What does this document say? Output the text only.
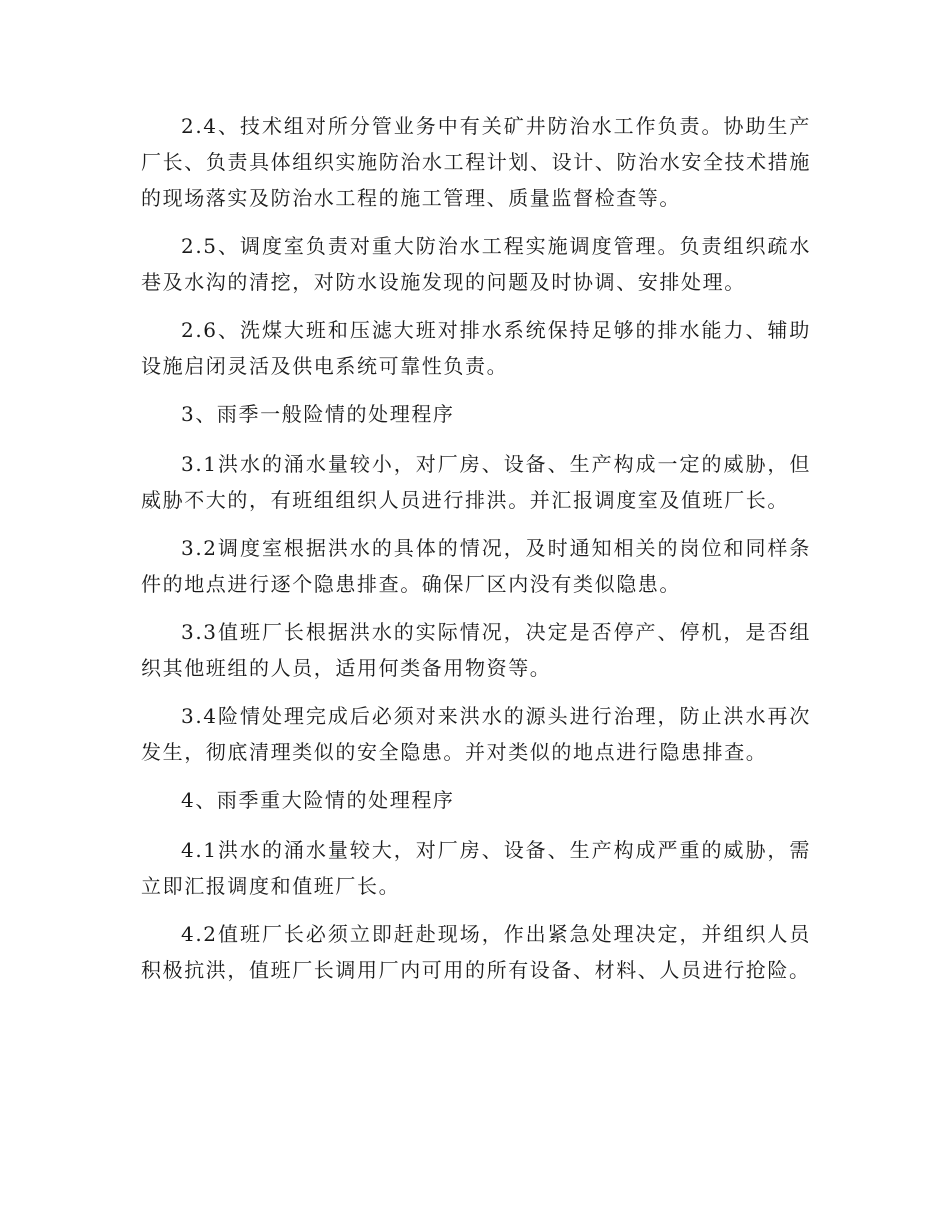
2.4、技术组对所分管业务中有关矿井防治水工作负责。协助生产厂长、负责具体组织实施防治水工程计划、设计、防治水安全技术措施的现场落实及防治水工程的施工管理、质量监督检查等。

2.5、调度室负责对重大防治水工程实施调度管理。负责组织疏水巷及水沟的清挖，对防水设施发现的问题及时协调、安排处理。

2.6、洗煤大班和压滤大班对排水系统保持足够的排水能力、辅助设施启闭灵活及供电系统可靠性负责。

3、雨季一般险情的处理程序

3.1洪水的涌水量较小，对厂房、设备、生产构成一定的威胁，但威胁不大的，有班组组织人员进行排洪。并汇报调度室及值班厂长。

3.2调度室根据洪水的具体的情况，及时通知相关的岗位和同样条件的地点进行逐个隐患排查。确保厂区内没有类似隐患。

3.3值班厂长根据洪水的实际情况，决定是否停产、停机，是否组织其他班组的人员，适用何类备用物资等。

3.4险情处理完成后必须对来洪水的源头进行治理，防止洪水再次发生，彻底清理类似的安全隐患。并对类似的地点进行隐患排查。

4、雨季重大险情的处理程序

4.1洪水的涌水量较大，对厂房、设备、生产构成严重的威胁，需立即汇报调度和值班厂长。

4.2值班厂长必须立即赶赴现场，作出紧急处理决定，并组织人员积极抗洪，值班厂长调用厂内可用的所有设备、材料、人员进行抢险。
